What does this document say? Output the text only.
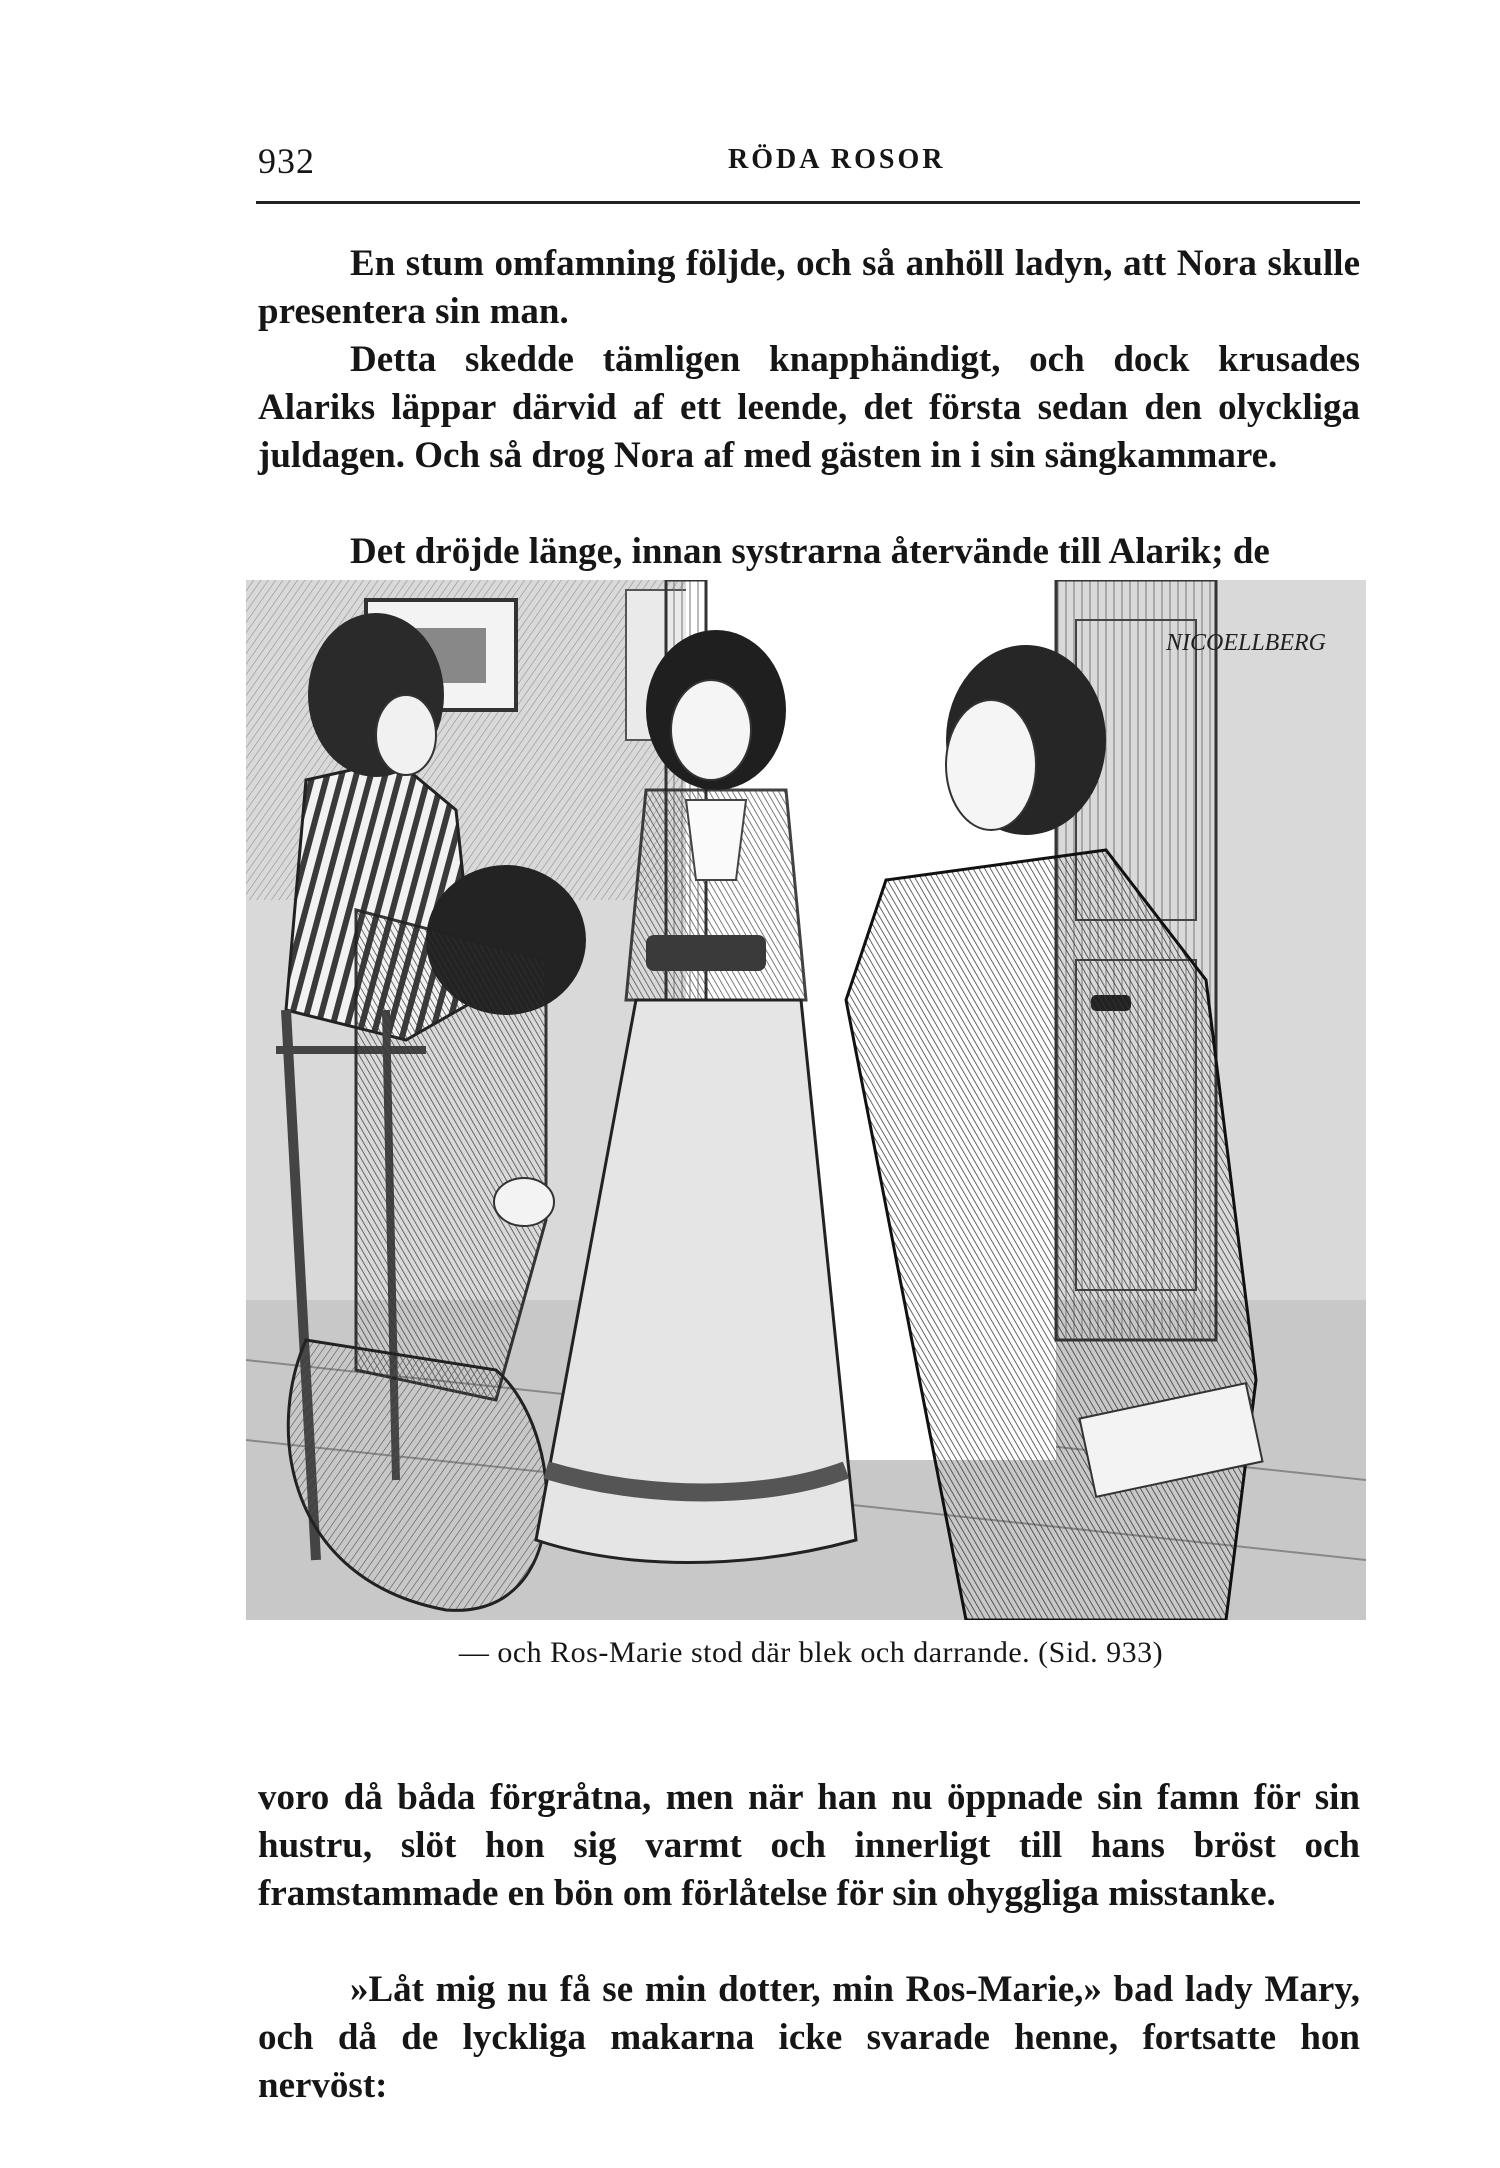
932	RÖDA ROSOR

En stum omfamning följde, och så anhöll ladyn, att Nora skulle presentera sin man.

Detta skedde tämligen knapphändigt, och dock krusades Alariks läppar därvid af ett leende, det första sedan den olyckliga juldagen. Och så drog Nora af med gästen in i sin sängkammare.

Det dröjde länge, innan systrarna återvände till Alarik; de

NICOELLBERG
— och Ros-Marie stod där blek och darrande. (Sid. 933)

voro då båda förgråtna, men när han nu öppnade sin famn för sin hustru, slöt hon sig varmt och innerligt till hans bröst och framstammade en bön om förlåtelse för sin ohyggliga misstanke.

»Låt mig nu få se min dotter, min Ros-Marie,» bad lady Mary, och då de lyckliga makarna icke svarade henne, fortsatte hon nervöst:
